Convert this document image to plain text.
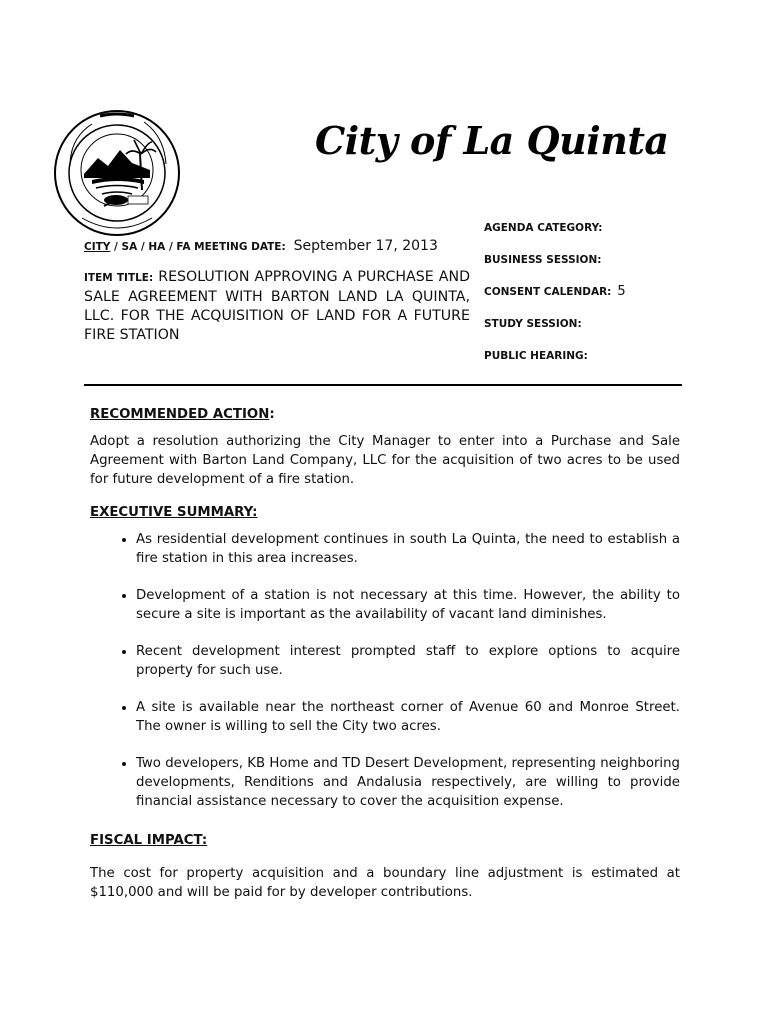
City of La Quinta
CITY / SA / HA / FA MEETING DATE: September 17, 2013
ITEM TITLE: RESOLUTION APPROVING A PURCHASE AND SALE AGREEMENT WITH BARTON LAND LA QUINTA, LLC. FOR THE ACQUISITION OF LAND FOR A FUTURE FIRE STATION
AGENDA CATEGORY:
BUSINESS SESSION:
CONSENT CALENDAR: 5
STUDY SESSION:
PUBLIC HEARING:
RECOMMENDED ACTION:

Adopt a resolution authorizing the City Manager to enter into a Purchase and Sale Agreement with Barton Land Company, LLC for the acquisition of two acres to be used for future development of a fire station.

EXECUTIVE SUMMARY:
• As residential development continues in south La Quinta, the need to establish a fire station in this area increases.
• Development of a station is not necessary at this time. However, the ability to secure a site is important as the availability of vacant land diminishes.
• Recent development interest prompted staff to explore options to acquire property for such use.
• A site is available near the northeast corner of Avenue 60 and Monroe Street. The owner is willing to sell the City two acres.
• Two developers, KB Home and TD Desert Development, representing neighboring developments, Renditions and Andalusia respectively, are willing to provide financial assistance necessary to cover the acquisition expense.
FISCAL IMPACT:

The cost for property acquisition and a boundary line adjustment is estimated at $110,000 and will be paid for by developer contributions.
